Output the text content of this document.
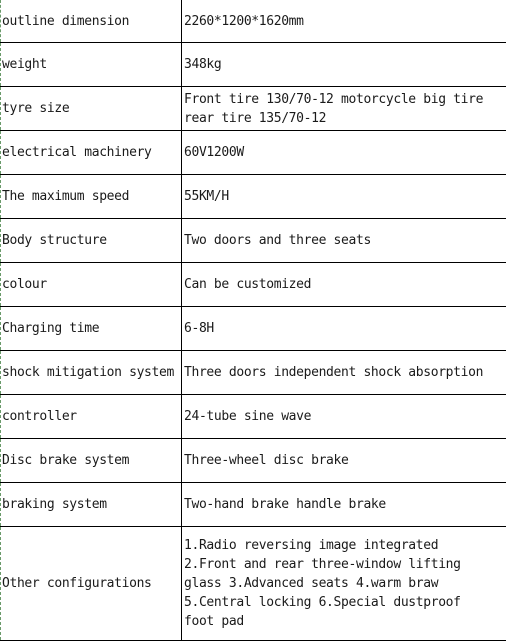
outline dimension	2260*1200*1620mm
weight	348kg
tyre size	Front tire 130/70-12 motorcycle big tire
rear tire 135/70-12

electrical machinery	60V1200W
The maximum speed	55KM/H
Body structure	Two doors and three seats
colour	Can be customized
Charging time	6-8H
shock mitigation system	Three doors independent shock absorption
controller	24-tube sine wave
Disc brake system	Three-wheel disc brake
braking system	Two-hand brake handle brake
Other configurations	1.Radio reversing image integrated
2.Front and rear three-window lifting
glass 3.Advanced seats 4.warm braw
5.Central locking 6.Special dustproof
foot pad
